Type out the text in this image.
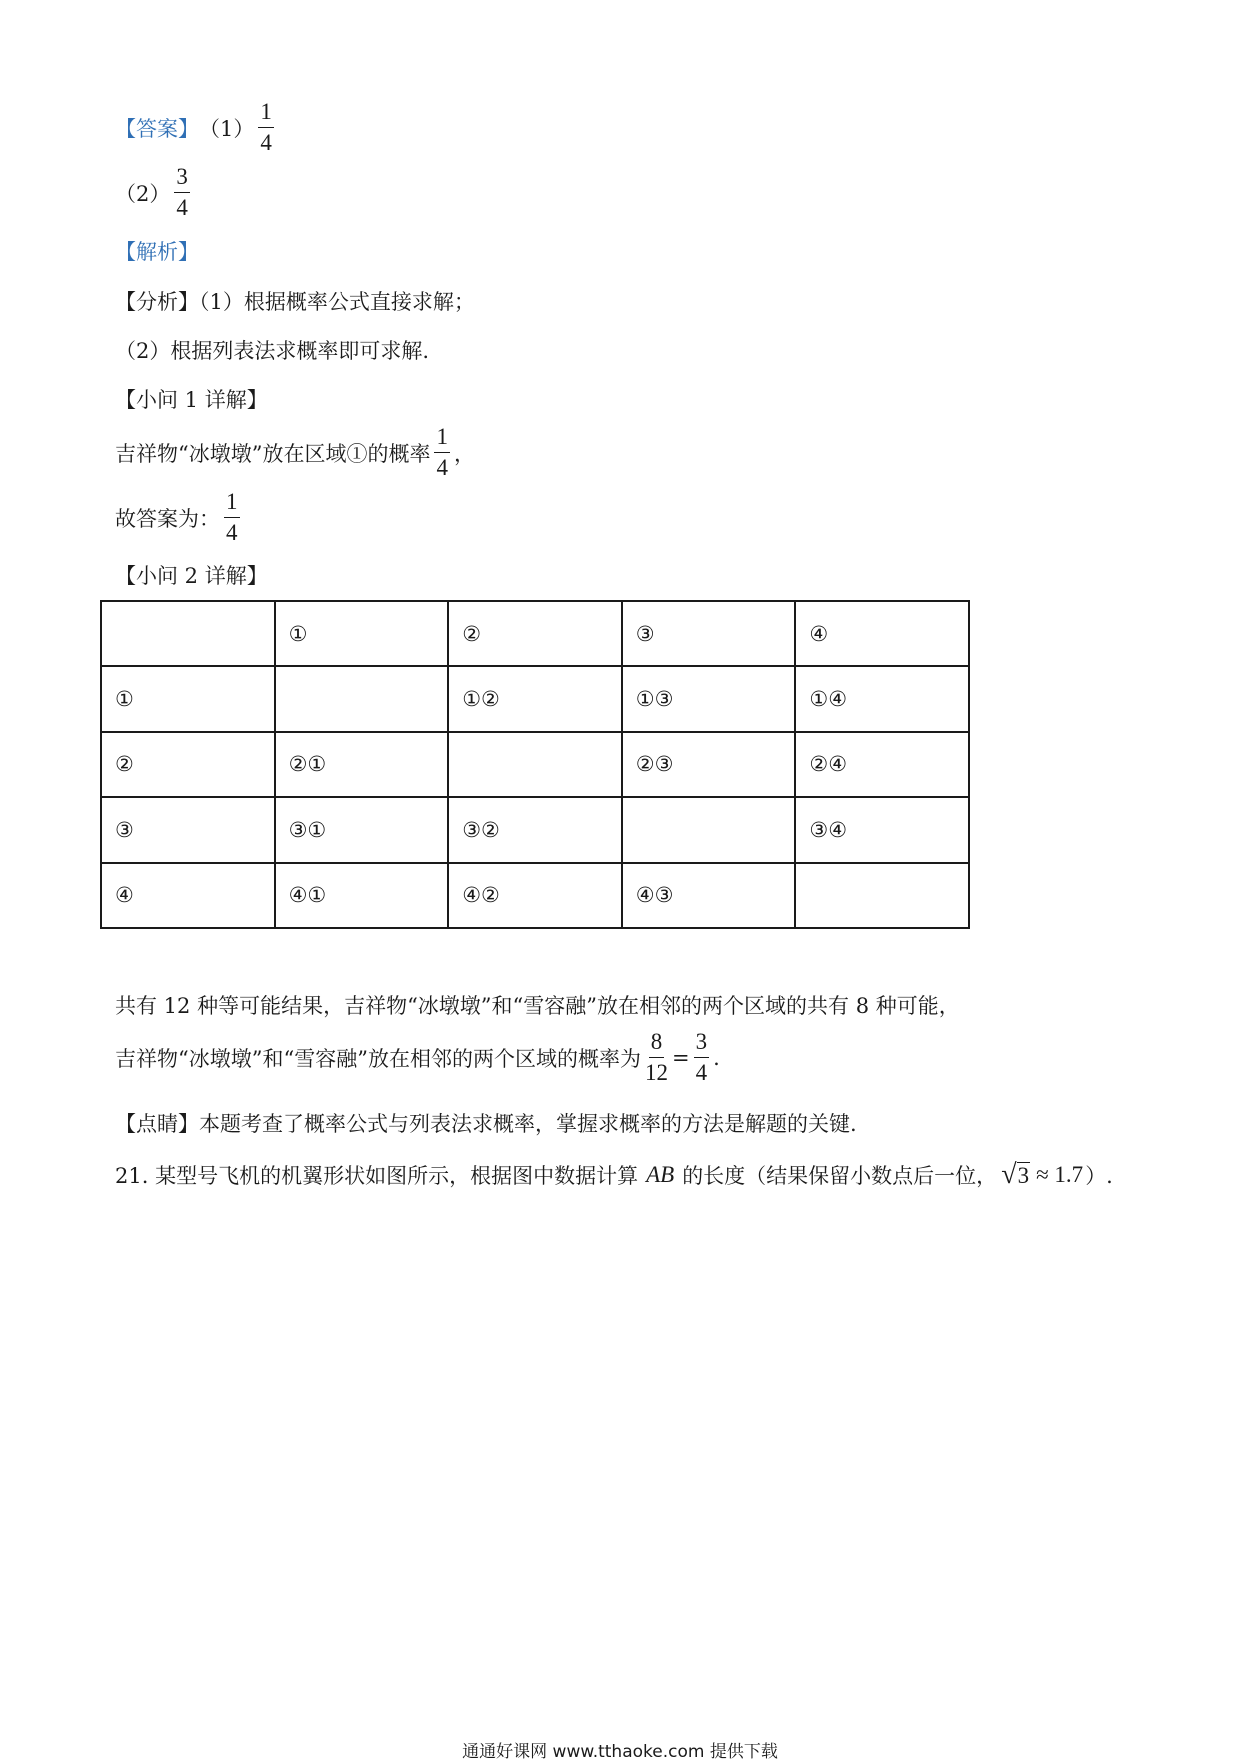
【答案】 $(1) \frac{1}{4}$
$(2) \frac{3}{4}$
【解析】
【分析】（1）根据概率公式直接求解；
（2）根据列表法求概率即可求解.
【小问 1 详解】
吉祥物“冰墩墩”放在区域①的概率 $\frac{1}{4}$ ，
故答案为： $\frac{1}{4}$
【小问 2 详解】
	①	②	③	④
①		①②	①③	①④
②	②①		②③	②④
③	③①	③②		③④
④	④①	④②	④③	
共有 12 种等可能结果，吉祥物“冰墩墩”和“雪容融”放在相邻的两个区域的共有 8 种可能，
吉祥物“冰墩墩”和“雪容融”放在相邻的两个区域的概率为 $\frac{8}{12} = \frac{3}{4}$ .
【点睛】本题考查了概率公式与列表法求概率，掌握求概率的方法是解题的关键.
21. 某型号飞机的机翼形状如图所示，根据图中数据计算 AB 的长度（结果保留小数点后一位， √ 3 ≈ 1.7 ）.
通通好课网 www.tthaoke.com 提供下载
